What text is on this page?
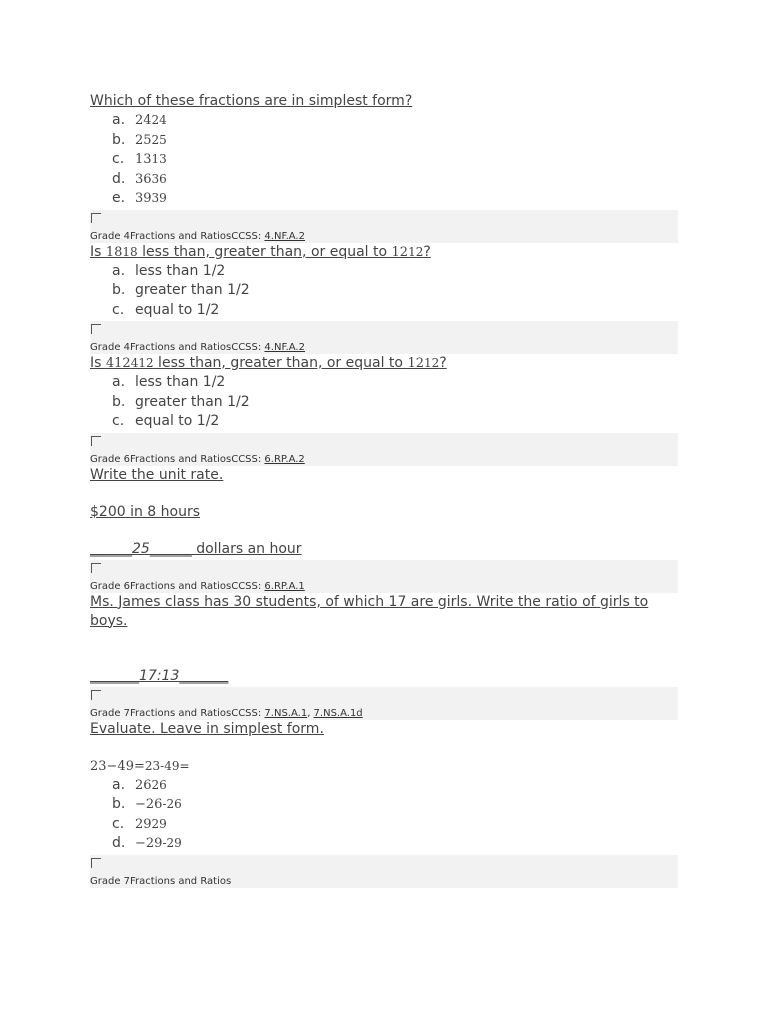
Which of these fractions are in simplest form?

a. 2424
b. 2525
c. 1313
d. 3636
e. 3939
Grade 4Fractions and RatiosCCSS: 4.NF.A.2

Is 1818 less than, greater than, or equal to 1212?

a. less than 1/2
b. greater than 1/2
c. equal to 1/2
Grade 4Fractions and RatiosCCSS: 4.NF.A.2

Is 412412 less than, greater than, or equal to 1212?

a. less than 1/2
b. greater than 1/2
c. equal to 1/2
Grade 6Fractions and RatiosCCSS: 6.RP.A.2

Write the unit rate.

$200 in 8 hours

______25______ dollars an hour
Grade 6Fractions and RatiosCCSS: 6.RP.A.1

Ms. James class has 30 students, of which 17 are girls. Write the ratio of girls to boys.

_______17:13_______
Grade 7Fractions and RatiosCCSS: 7.NS.A.1, 7.NS.A.1d

Evaluate. Leave in simplest form.

23−49=23-49=
a. 2626
b. −26-26
c. 2929
d. −29-29
Grade 7Fractions and Ratios
